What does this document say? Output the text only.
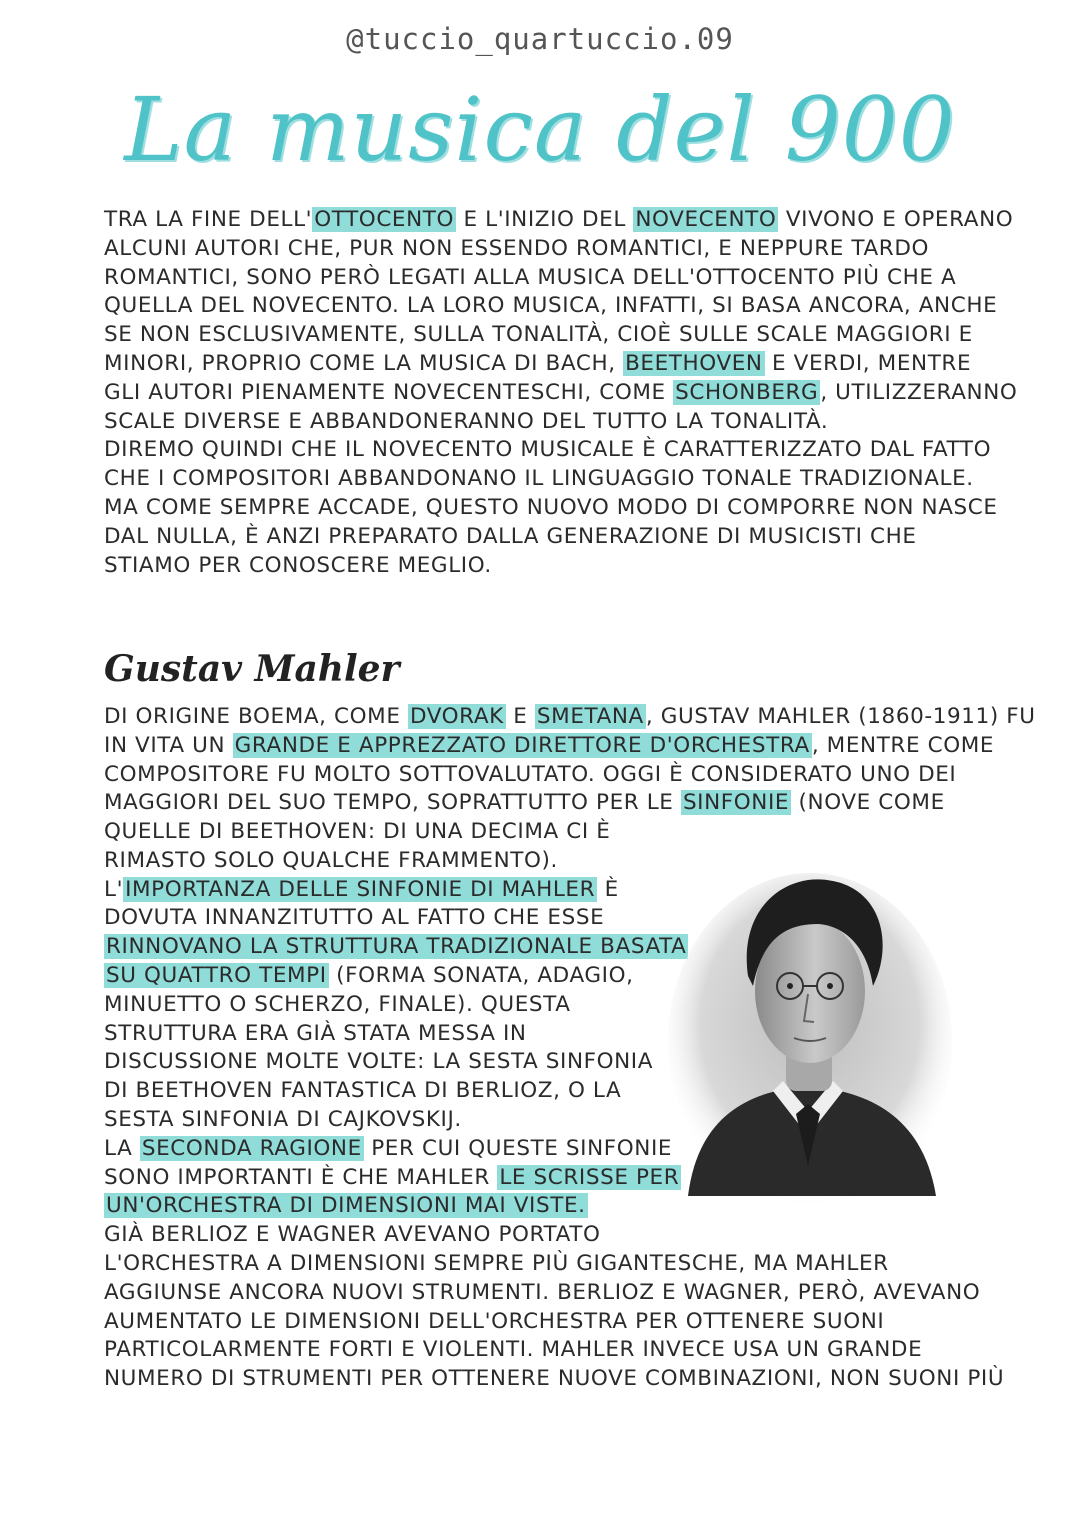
@tuccio_quartuccio.09
La musica del 900
TRA LA FINE DELL'OTTOCENTO E L'INIZIO DEL NOVECENTO VIVONO E OPERANO
ALCUNI AUTORI CHE, PUR NON ESSENDO ROMANTICI, E NEPPURE TARDO
ROMANTICI, SONO PERÒ LEGATI ALLA MUSICA DELL'OTTOCENTO PIÙ CHE A
QUELLA DEL NOVECENTO. LA LORO MUSICA, INFATTI, SI BASA ANCORA, ANCHE
SE NON ESCLUSIVAMENTE, SULLA TONALITÀ, CIOÈ SULLE SCALE MAGGIORI E
MINORI, PROPRIO COME LA MUSICA DI BACH, BEETHOVEN E VERDI, MENTRE
GLI AUTORI PIENAMENTE NOVECENTESCHI, COME SCHONBERG, UTILIZZERANNO
SCALE DIVERSE E ABBANDONERANNO DEL TUTTO LA TONALITÀ.
DIREMO QUINDI CHE IL NOVECENTO MUSICALE È CARATTERIZZATO DAL FATTO
CHE I COMPOSITORI ABBANDONANO IL LINGUAGGIO TONALE TRADIZIONALE.
MA COME SEMPRE ACCADE, QUESTO NUOVO MODO DI COMPORRE NON NASCE
DAL NULLA, È ANZI PREPARATO DALLA GENERAZIONE DI MUSICISTI CHE
STIAMO PER CONOSCERE MEGLIO.
Gustav Mahler
DI ORIGINE BOEMA, COME DVORAK E SMETANA, GUSTAV MAHLER (1860-1911) FU
IN VITA UN GRANDE E APPREZZATO DIRETTORE D'ORCHESTRA, MENTRE COME
COMPOSITORE FU MOLTO SOTTOVALUTATO. OGGI È CONSIDERATO UNO DEI
MAGGIORI DEL SUO TEMPO, SOPRATTUTTO PER LE SINFONIE (NOVE COME
QUELLE DI BEETHOVEN: DI UNA DECIMA CI È
RIMASTO SOLO QUALCHE FRAMMENTO).
L'IMPORTANZA DELLE SINFONIE DI MAHLER È
DOVUTA INNANZITUTTO AL FATTO CHE ESSE
RINNOVANO LA STRUTTURA TRADIZIONALE BASATA
SU QUATTRO TEMPI (FORMA SONATA, ADAGIO,
MINUETTO O SCHERZO, FINALE). QUESTA
STRUTTURA ERA GIÀ STATA MESSA IN
DISCUSSIONE MOLTE VOLTE: LA SESTA SINFONIA
DI BEETHOVEN FANTASTICA DI BERLIOZ, O LA
SESTA SINFONIA DI CAJKOVSKIJ.
LA SECONDA RAGIONE PER CUI QUESTE SINFONIE
SONO IMPORTANTI È CHE MAHLER LE SCRISSE PER
UN'ORCHESTRA DI DIMENSIONI MAI VISTE.
GIÀ BERLIOZ E WAGNER AVEVANO PORTATO
L'ORCHESTRA A DIMENSIONI SEMPRE PIÙ GIGANTESCHE, MA MAHLER
AGGIUNSE ANCORA NUOVI STRUMENTI. BERLIOZ E WAGNER, PERÒ, AVEVANO
AUMENTATO LE DIMENSIONI DELL'ORCHESTRA PER OTTENERE SUONI
PARTICOLARMENTE FORTI E VIOLENTI. MAHLER INVECE USA UN GRANDE
NUMERO DI STRUMENTI PER OTTENERE NUOVE COMBINAZIONI, NON SUONI PIÙ
